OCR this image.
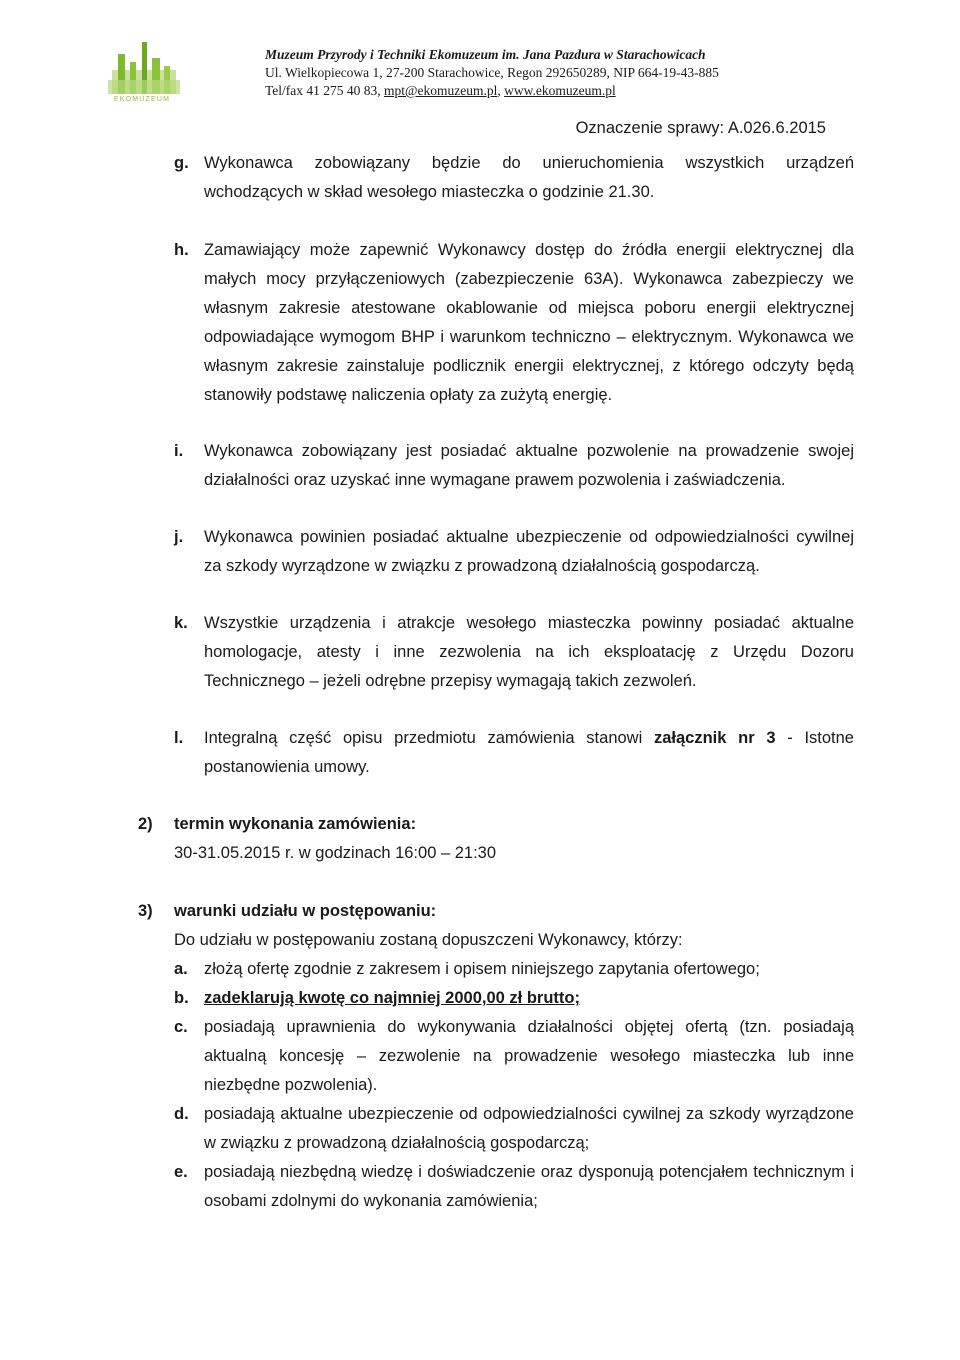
EKOMUZEUM
Muzeum Przyrody i Techniki Ekomuzeum im. Jana Pazdura w Starachowicach
Ul. Wielkopiecowa 1, 27-200 Starachowice, Regon 292650289, NIP 664-19-43-885
Tel/fax 41 275 40 83, mpt@ekomuzeum.pl, www.ekomuzeum.pl
Oznaczenie sprawy: A.026.6.2015
g. Wykonawca zobowiązany będzie do unieruchomienia wszystkich urządzeń wchodzących w skład wesołego miasteczka o godzinie 21.30.
h. Zamawiający może zapewnić Wykonawcy dostęp do źródła energii elektrycznej dla małych mocy przyłączeniowych (zabezpieczenie 63A). Wykonawca zabezpieczy we własnym zakresie atestowane okablowanie od miejsca poboru energii elektrycznej odpowiadające wymogom BHP i warunkom techniczno – elektrycznym. Wykonawca we własnym zakresie zainstaluje podlicznik energii elektrycznej, z którego odczyty będą stanowiły podstawę naliczenia opłaty za zużytą energię.
i. Wykonawca zobowiązany jest posiadać aktualne pozwolenie na prowadzenie swojej działalności oraz uzyskać inne wymagane prawem pozwolenia i zaświadczenia.
j. Wykonawca powinien posiadać aktualne ubezpieczenie od odpowiedzialności cywilnej za szkody wyrządzone w związku z prowadzoną działalnością gospodarczą.
k. Wszystkie urządzenia i atrakcje wesołego miasteczka powinny posiadać aktualne homologacje, atesty i inne zezwolenia na ich eksploatację z Urzędu Dozoru Technicznego – jeżeli odrębne przepisy wymagają takich zezwoleń.
l. Integralną część opisu przedmiotu zamówienia stanowi załącznik nr 3 - Istotne postanowienia umowy.
2) termin wykonania zamówienia:
30-31.05.2015 r. w godzinach 16:00 – 21:30
3) warunki udziału w postępowaniu:
Do udziału w postępowaniu zostaną dopuszczeni Wykonawcy, którzy:
a. złożą ofertę zgodnie z zakresem i opisem niniejszego zapytania ofertowego;
b. zadeklarują kwotę co najmniej 2000,00 zł brutto;
c. posiadają uprawnienia do wykonywania działalności objętej ofertą (tzn. posiadają aktualną koncesję – zezwolenie na prowadzenie wesołego miasteczka lub inne niezbędne pozwolenia).
d. posiadają aktualne ubezpieczenie od odpowiedzialności cywilnej za szkody wyrządzone w związku z prowadzoną działalnością gospodarczą;
e. posiadają niezbędną wiedzę i doświadczenie oraz dysponują potencjałem technicznym i osobami zdolnymi do wykonania zamówienia;
